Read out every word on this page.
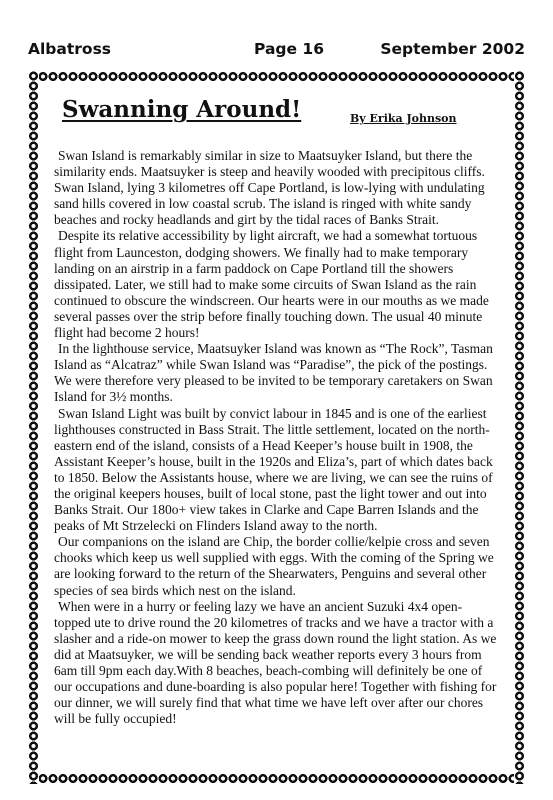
Albatross	Page 16	September 2002
Swanning Around!	By Erika Johnson

Swan Island is remarkably similar in size to Maatsuyker Island, but there the similarity ends. Maatsuyker is steep and heavily wooded with precipitous cliffs. Swan Island, lying 3 kilometres off Cape Portland, is low-lying with undulating sand hills covered in low coastal scrub. The island is ringed with white sandy beaches and rocky headlands and girt by the tidal races of Banks Strait.

Despite its relative accessibility by light aircraft, we had a somewhat tortuous flight from Launceston, dodging showers. We finally had to make temporary landing on an airstrip in a farm paddock on Cape Portland till the showers dissipated. Later, we still had to make some circuits of Swan Island as the rain continued to obscure the windscreen. Our hearts were in our mouths as we made several passes over the strip before finally touching down. The usual 40 minute flight had become 2 hours!

In the lighthouse service, Maatsuyker Island was known as “The Rock”, Tasman Island as “Alcatraz” while Swan Island was “Paradise”, the pick of the postings. We were therefore very pleased to be invited to be temporary caretakers on Swan Island for 3½ months.

Swan Island Light was built by convict labour in 1845 and is one of the earliest lighthouses constructed in Bass Strait. The little settlement, located on the north-eastern end of the island, consists of a Head Keeper’s house built in 1908, the Assistant Keeper’s house, built in the 1920s and Eliza’s, part of which dates back to 1850. Below the Assistants house, where we are living, we can see the ruins of the original keepers houses, built of local stone, past the light tower and out into Banks Strait. Our 180o+ view takes in Clarke and Cape Barren Islands and the peaks of Mt Strzelecki on Flinders Island away to the north.

Our companions on the island are Chip, the border collie/kelpie cross and seven chooks which keep us well supplied with eggs. With the coming of the Spring we are looking forward to the return of the Shearwaters, Penguins and several other species of sea birds which nest on the island.

When were in a hurry or feeling lazy we have an ancient Suzuki 4x4 open-topped ute to drive round the 20 kilometres of tracks and we have a tractor with a slasher and a ride-on mower to keep the grass down round the light station. As we did at Maatsuyker, we will be sending back weather reports every 3 hours from 6am till 9pm each day.With 8 beaches, beach-combing will definitely be one of our occupations and dune-boarding is also popular here! Together with fishing for our dinner, we will surely find that what time we have left over after our chores will be fully occupied!
